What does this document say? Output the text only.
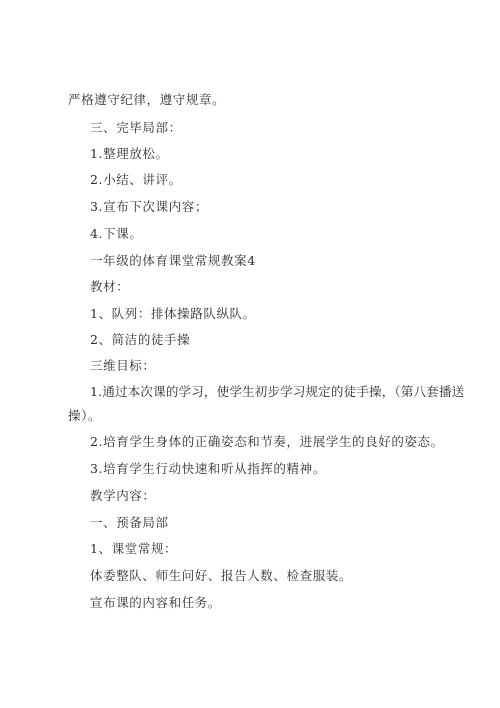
严格遵守纪律，遵守规章。
三、完毕局部：
1.整理放松。
2.小结、讲评。
3.宣布下次课内容；
4.下课。
一年级的体育课堂常规教案4
教材：
1、队列：排体操路队纵队。
2、简洁的徒手操
三维目标：
1.通过本次课的学习，使学生初步学习规定的徒手操，（第八套播送
操）。
2.培育学生身体的正确姿态和节奏，进展学生的良好的姿态。
3.培育学生行动快速和听从指挥的精神。
教学内容：
一、预备局部
1、课堂常规：
体委整队、师生问好、报告人数、检查服装。
宣布课的内容和任务。
